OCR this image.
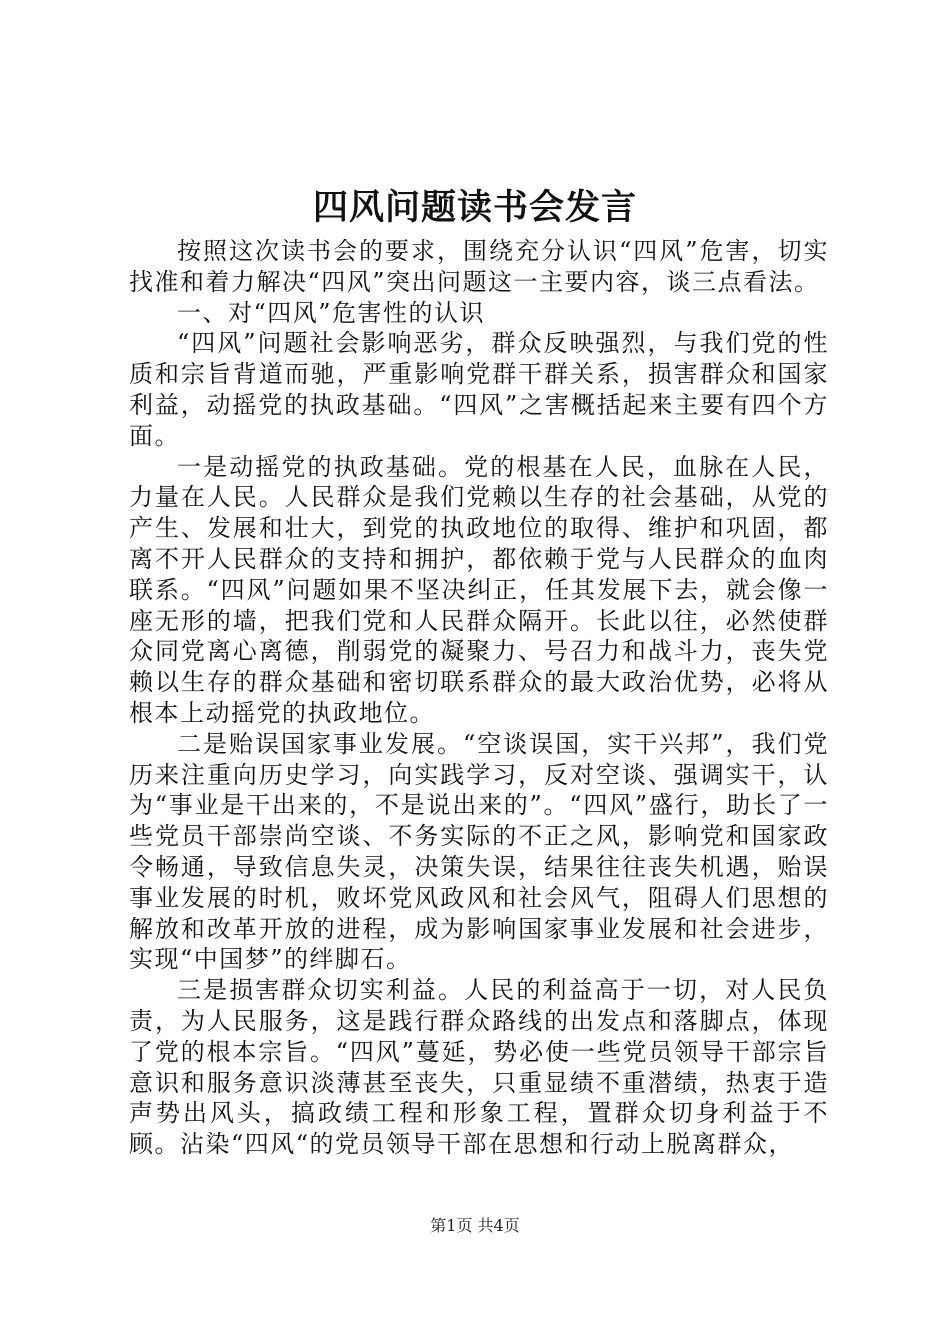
四风问题读书会发言

按照这次读书会的要求，围绕充分认识“四风”危害，切实找准和着力解决“四风”突出问题这一主要内容，谈三点看法。

一、对“四风”危害性的认识

“四风”问题社会影响恶劣，群众反映强烈，与我们党的性质和宗旨背道而驰，严重影响党群干群关系，损害群众和国家利益，动摇党的执政基础。“四风”之害概括起来主要有四个方面。

一是动摇党的执政基础。党的根基在人民，血脉在人民，力量在人民。人民群众是我们党赖以生存的社会基础，从党的产生、发展和壮大，到党的执政地位的取得、维护和巩固，都离不开人民群众的支持和拥护，都依赖于党与人民群众的血肉联系。“四风”问题如果不坚决纠正，任其发展下去，就会像一座无形的墙，把我们党和人民群众隔开。长此以往，必然使群众同党离心离德，削弱党的凝聚力、号召力和战斗力，丧失党赖以生存的群众基础和密切联系群众的最大政治优势，必将从根本上动摇党的执政地位。

二是贻误国家事业发展。“空谈误国，实干兴邦”，我们党历来注重向历史学习，向实践学习，反对空谈、强调实干，认为“事业是干出来的，不是说出来的”。“四风”盛行，助长了一些党员干部崇尚空谈、不务实际的不正之风，影响党和国家政令畅通，导致信息失灵，决策失误，结果往往丧失机遇，贻误事业发展的时机，败坏党风政风和社会风气，阻碍人们思想的解放和改革开放的进程，成为影响国家事业发展和社会进步，实现“中国梦”的绊脚石。

三是损害群众切实利益。人民的利益高于一切，对人民负责，为人民服务，这是践行群众路线的出发点和落脚点，体现了党的根本宗旨。“四风”蔓延，势必使一些党员领导干部宗旨意识和服务意识淡薄甚至丧失，只重显绩不重潜绩，热衷于造声势出风头，搞政绩工程和形象工程，置群众切身利益于不顾。沾染“四风“的党员领导干部在思想和行动上脱离群众，

第1页 共4页
